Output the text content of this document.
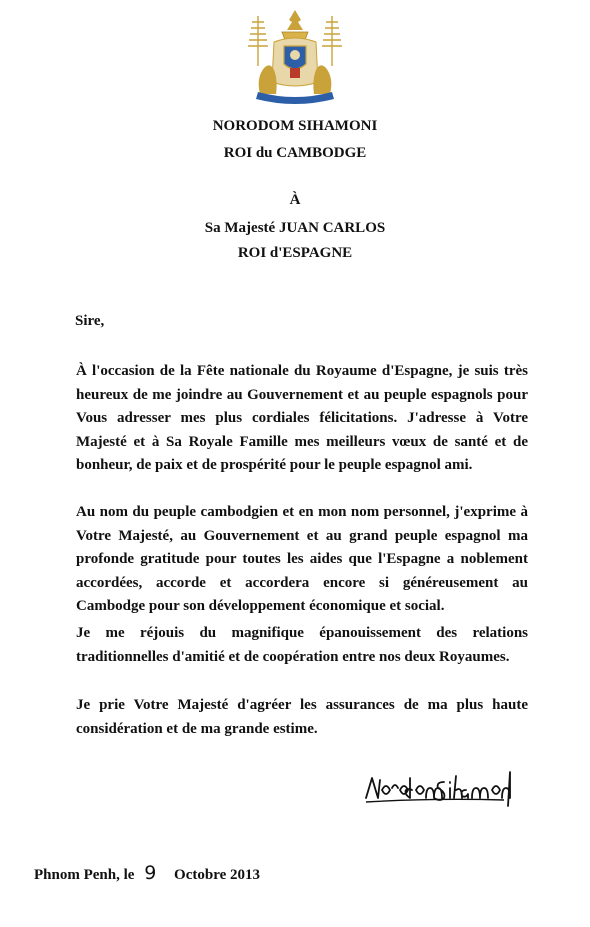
NORODOM SIHAMONI
ROI du CAMBODGE
À
Sa Majesté JUAN CARLOS
ROI d'ESPAGNE
Sire,
À l'occasion de la Fête nationale du Royaume d'Espagne, je suis très heureux de me joindre au Gouvernement et au peuple espagnols pour Vous adresser mes plus cordiales félicitations. J'adresse à Votre Majesté et à Sa Royale Famille mes meilleurs vœux de santé et de bonheur, de paix et de prospérité pour le peuple espagnol ami.
Au nom du peuple cambodgien et en mon nom personnel, j'exprime à Votre Majesté, au Gouvernement et au grand peuple espagnol ma profonde gratitude pour toutes les aides que l'Espagne a noblement accordées, accorde et accordera encore si généreusement au Cambodge pour son développement économique et social.
Je me réjouis du magnifique épanouissement des relations traditionnelles d'amitié et de coopération entre nos deux Royaumes.
Je prie Votre Majesté d'agréer les assurances de ma plus haute considération et de ma grande estime.
Phnom Penh, le 9 Octobre 2013
